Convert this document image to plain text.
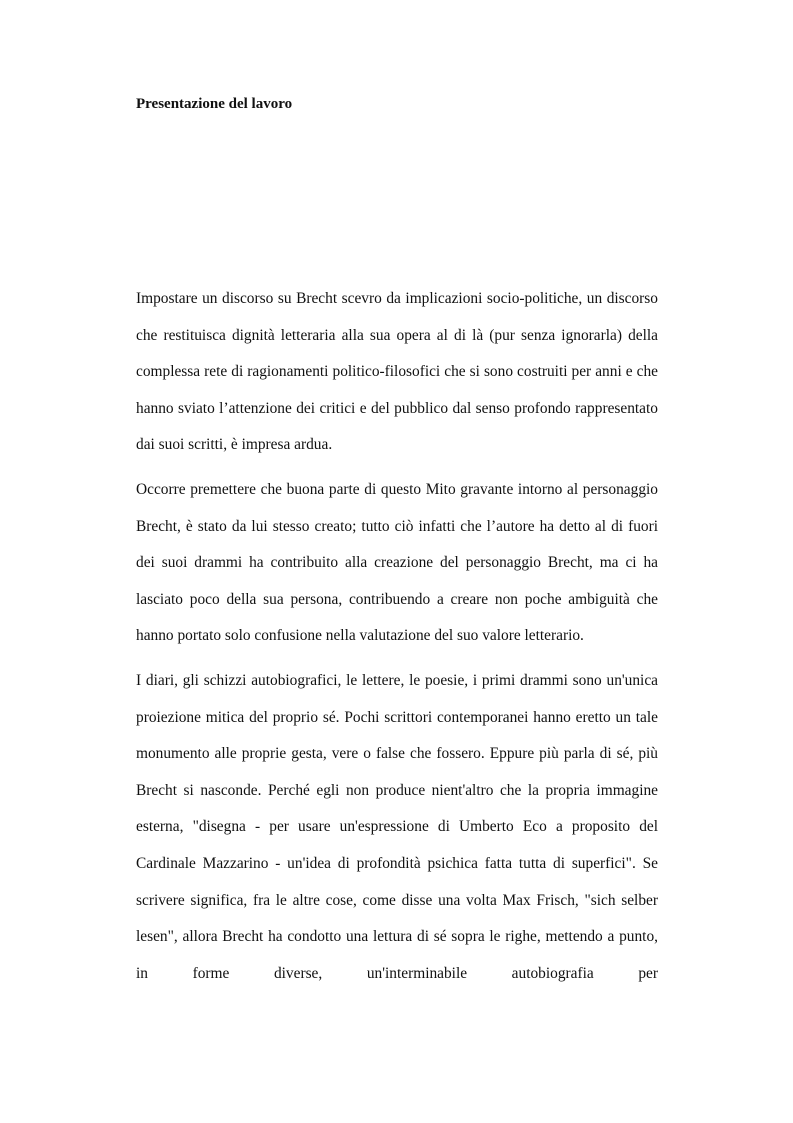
Presentazione del lavoro

Impostare un discorso su Brecht scevro da implicazioni socio-politiche, un discorso che restituisca dignità letteraria alla sua opera al di là (pur senza ignorarla) della complessa rete di ragionamenti politico-filosofici che si sono costruiti per anni e che hanno sviato l’attenzione dei critici e del pubblico dal senso profondo rappresentato dai suoi scritti, è impresa ardua.

Occorre premettere che buona parte di questo Mito gravante intorno al personaggio Brecht, è stato da lui stesso creato; tutto ciò infatti che l’autore ha detto al di fuori dei suoi drammi ha contribuito alla creazione del personaggio Brecht, ma ci ha lasciato poco della sua persona, contribuendo a creare non poche ambiguità che hanno portato solo confusione nella valutazione del suo valore letterario.

I diari, gli schizzi autobiografici, le lettere, le poesie, i primi drammi sono un'unica proiezione mitica del proprio sé. Pochi scrittori contemporanei hanno eretto un tale monumento alle proprie gesta, vere o false che fossero. Eppure più parla di sé, più Brecht si nasconde. Perché egli non produce nient'altro che la propria immagine esterna, "disegna - per usare un'espressione di Umberto Eco a proposito del Cardinale Mazzarino - un'idea di profondità psichica fatta tutta di superfici". Se scrivere significa, fra le altre cose, come disse una volta Max Frisch, "sich selber lesen", allora Brecht ha condotto una lettura di sé sopra le righe, mettendo a punto, in forme diverse, un'interminabile autobiografia per
